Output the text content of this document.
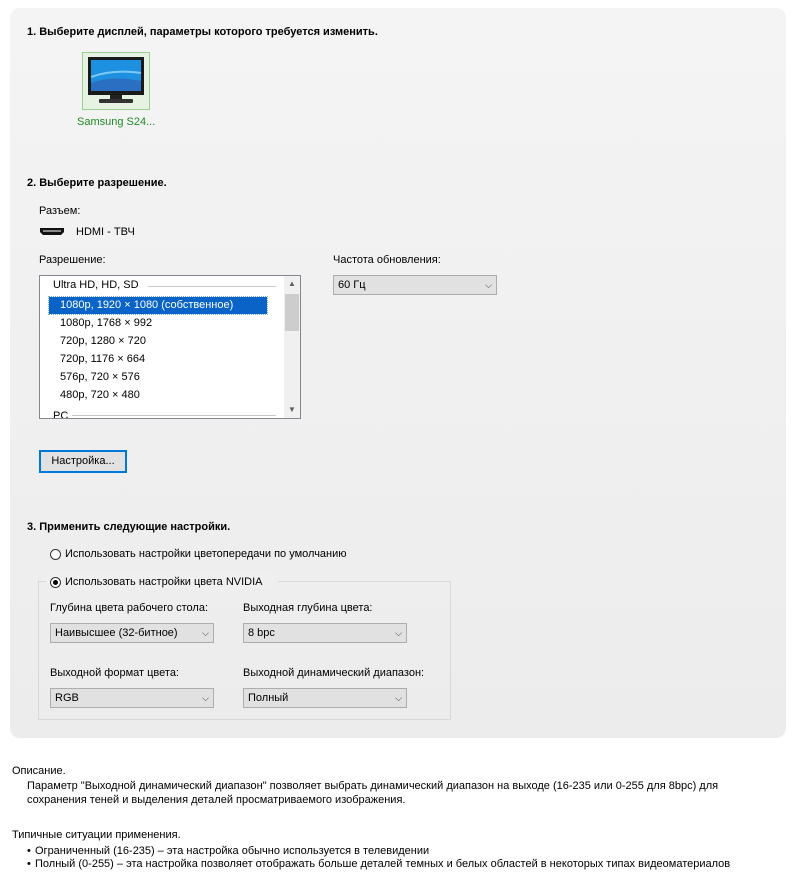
1. Выберите дисплей, параметры которого требуется изменить.
Samsung S24...
2. Выберите разрешение.
Разъем:
HDMI - ТВЧ
Разрешение:
Ultra HD, HD, SD
1080p, 1920 × 1080 (собственное)
1080p, 1768 × 992
720p, 1280 × 720
720p, 1176 × 664
576p, 720 × 576
480p, 720 × 480
PC
▲
▼
Частота обновления:
60 Гц	⌵
Настройка...
3. Применить следующие настройки.
Использовать настройки цветопередачи по умолчанию
Использовать настройки цвета NVIDIA
Глубина цвета рабочего стола:
Наивысшее (32-битное)	⌵
Выходная глубина цвета:
8 bpc	⌵
Выходной формат цвета:
RGB	⌵
Выходной динамический диапазон:
Полный	⌵
Описание.
Параметр "Выходной динамический диапазон" позволяет выбрать динамический диапазон на выходе (16-235 или 0-255 для 8bpc) для
сохранения теней и выделения деталей просматриваемого изображения.
Типичные ситуации применения.
• Ограниченный (16-235) – эта настройка обычно используется в телевидении
• Полный (0-255) – эта настройка позволяет отображать больше деталей темных и белых областей в некоторых типах видеоматериалов
